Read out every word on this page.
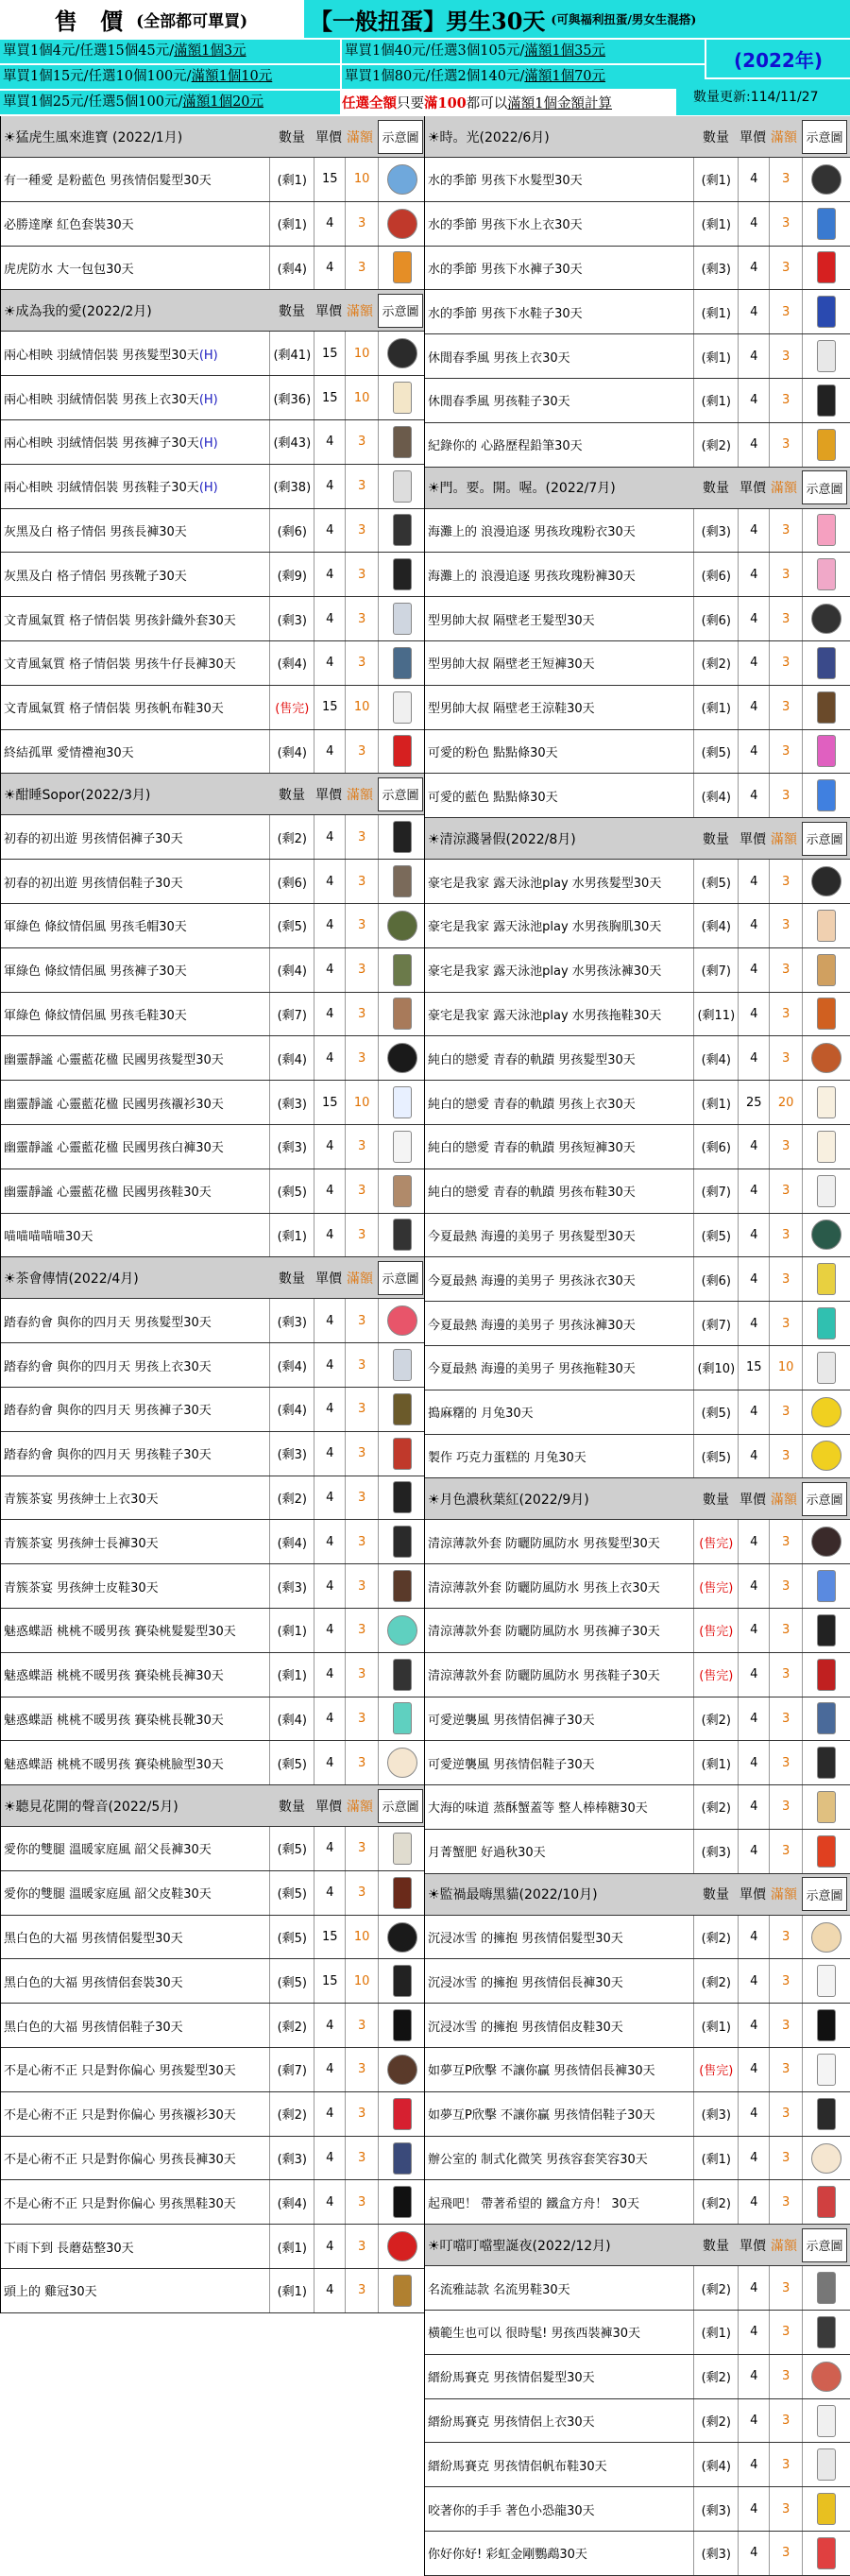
售 價 (全部都可單買)	【一般扭蛋】男生30天 (可與福利扭蛋/男女生混搭)
單買1個4元/任選15個45元/滿額1個3元
單買1個15元/任選10個100元/滿額1個10元
單買1個25元/任選5個100元/滿額1個20元
單買1個40元/任選3個105元/滿額1個35元
單買1個80元/任選2個140元/滿額1個70元
(2022年)
任選全額只要滿100都可以滿額1個金額計算	數量更新:114/11/27
☀猛虎生風來進寶 (2022/1月)	數量 單價 滿額 示意圖
有一種愛 是粉藍色 男孩情侶髮型30天	(剩1)	15	10
必勝達摩 紅色套裝30天	(剩1)	4	3
虎虎防水 大一包包30天	(剩4)	4	3
☀成為我的愛(2022/2月)	數量 單價 滿額 示意圖
兩心相映 羽絨情侶裝 男孩髮型30天(H)	(剩41) 15	10
兩心相映 羽絨情侶裝 男孩上衣30天(H)	(剩36) 15	10
兩心相映 羽絨情侶裝 男孩褲子30天(H)	(剩43)	4	3
兩心相映 羽絨情侶裝 男孩鞋子30天(H)	(剩38)	4	3
灰黑及白 格子情侶 男孩長褲30天	(剩6)	4	3
灰黑及白 格子情侶 男孩靴子30天	(剩9)	4	3
文青風氣質 格子情侶裝 男孩針織外套30天	(剩3)	4	3
文青風氣質 格子情侶裝 男孩牛仔長褲30天	(剩4)	4	3
文青風氣質 格子情侶裝 男孩帆布鞋30天	(售完)	15	10
終結孤單 愛情禮袍30天	(剩4)	4	3
☀酣睡Sopor(2022/3月)	數量 單價 滿額 示意圖
初春的初出遊 男孩情侶褲子30天	(剩2)	4	3
初春的初出遊 男孩情侶鞋子30天	(剩6)	4	3
軍綠色 條紋情侶風 男孩毛帽30天	(剩5)	4	3
軍綠色 條紋情侶風 男孩褲子30天	(剩4)	4	3
軍綠色 條紋情侶風 男孩毛鞋30天	(剩7)	4	3
幽靈靜謐 心靈藍花楹 民國男孩髮型30天	(剩4)	4	3
幽靈靜謐 心靈藍花楹 民國男孩襯衫30天	(剩3)	15	10
幽靈靜謐 心靈藍花楹 民國男孩白褲30天	(剩3)	4	3
幽靈靜謐 心靈藍花楹 民國男孩鞋30天	(剩5)	4	3
喵喵喵喵喵30天	(剩1)	4	3
☀茶會傳情(2022/4月)	數量 單價 滿額 示意圖
踏春約會 與你的四月天 男孩髮型30天	(剩3)	4	3
踏春約會 與你的四月天 男孩上衣30天	(剩4)	4	3
踏春約會 與你的四月天 男孩褲子30天	(剩4)	4	3
踏春約會 與你的四月天 男孩鞋子30天	(剩3)	4	3
青簇茶宴 男孩紳士上衣30天	(剩2)	4	3
青簇茶宴 男孩紳士長褲30天	(剩4)	4	3
青簇茶宴 男孩紳士皮鞋30天	(剩3)	4	3
魅惑蝶語 桃桃不暖男孩 賽染桃髮髮型30天	(剩1)	4	3
魅惑蝶語 桃桃不暖男孩 賽染桃長褲30天	(剩1)	4	3
魅惑蝶語 桃桃不暖男孩 賽染桃長靴30天	(剩4)	4	3
魅惑蝶語 桃桃不暖男孩 賽染桃臉型30天	(剩5)	4	3
☀聽見花開的聲音(2022/5月)	數量 單價 滿額 示意圖
愛你的雙腿 溫暖家庭風 韶父長褲30天	(剩5)	4	3
愛你的雙腿 溫暖家庭風 韶父皮鞋30天	(剩5)	4	3
黑白色的大福 男孩情侶髮型30天	(剩5)	15	10
黑白色的大福 男孩情侶套裝30天	(剩5)	15	10
黑白色的大福 男孩情侶鞋子30天	(剩2)	4	3
不是心術不正 只是對你偏心 男孩髮型30天	(剩7)	4	3
不是心術不正 只是對你偏心 男孩襯衫30天	(剩2)	4	3
不是心術不正 只是對你偏心 男孩長褲30天	(剩3)	4	3
不是心術不正 只是對你偏心 男孩黑鞋30天	(剩4)	4	3
下雨下到 長蘑菇整30天	(剩1)	4	3
頭上的 雞冠30天	(剩1)	4	3
☀時。光(2022/6月)	數量 單價 滿額 示意圖
水的季節 男孩下水髮型30天	(剩1)	4	3
水的季節 男孩下水上衣30天	(剩1)	4	3
水的季節 男孩下水褲子30天	(剩3)	4	3
水的季節 男孩下水鞋子30天	(剩1)	4	3
休閒春季風 男孩上衣30天	(剩1)	4	3
休閒春季風 男孩鞋子30天	(剩1)	4	3
紀錄你的 心路歷程鉛筆30天	(剩2)	4	3
☀門。要。開。喔。(2022/7月)	數量 單價 滿額 示意圖
海灘上的 浪漫追逐 男孩玫瑰粉衣30天	(剩3)	4	3
海灘上的 浪漫追逐 男孩玫瑰粉褲30天	(剩6)	4	3
型男帥大叔 隔壁老王髮型30天	(剩6)	4	3
型男帥大叔 隔壁老王短褲30天	(剩2)	4	3
型男帥大叔 隔壁老王涼鞋30天	(剩1)	4	3
可愛的粉色 點點條30天	(剩5)	4	3
可愛的藍色 點點條30天	(剩4)	4	3
☀清涼濺暑假(2022/8月)	數量 單價 滿額 示意圖
豪宅是我家 露天泳池play 水男孩髮型30天	(剩5)	4	3
豪宅是我家 露天泳池play 水男孩胸肌30天	(剩4)	4	3
豪宅是我家 露天泳池play 水男孩泳褲30天	(剩7)	4	3
豪宅是我家 露天泳池play 水男孩拖鞋30天	(剩11)	4	3
純白的戀愛 青春的軌蹟 男孩髮型30天	(剩4)	4	3
純白的戀愛 青春的軌蹟 男孩上衣30天	(剩1)	25	20
純白的戀愛 青春的軌蹟 男孩短褲30天	(剩6)	4	3
純白的戀愛 青春的軌蹟 男孩布鞋30天	(剩7)	4	3
今夏最熱 海邊的美男子 男孩髮型30天	(剩5)	4	3
今夏最熱 海邊的美男子 男孩泳衣30天	(剩6)	4	3
今夏最熱 海邊的美男子 男孩泳褲30天	(剩7)	4	3
今夏最熱 海邊的美男子 男孩拖鞋30天	(剩10) 15	10
搗麻糬的 月兔30天	(剩5)	4	3
製作 巧克力蛋糕的 月兔30天	(剩5)	4	3
☀月色濃秋葉紅(2022/9月)	數量 單價 滿額 示意圖
清涼薄款外套 防曬防風防水 男孩髮型30天	(售完)	4	3
清涼薄款外套 防曬防風防水 男孩上衣30天	(售完)	4	3
清涼薄款外套 防曬防風防水 男孩褲子30天	(售完)	4	3
清涼薄款外套 防曬防風防水 男孩鞋子30天	(售完)	4	3
可愛逆襲風 男孩情侶褲子30天	(剩2)	4	3
可愛逆襲風 男孩情侶鞋子30天	(剩1)	4	3
大海的味道 蒸酥蟹蓋等 整人棒棒糖30天	(剩2)	4	3
月菁蟹肥 好過秋30天	(剩3)	4	3
☀監禍最嗨黑貓(2022/10月)	數量 單價 滿額 示意圖
沉浸冰雪 的擁抱 男孩情侶髮型30天	(剩2)	4	3
沉浸冰雪 的擁抱 男孩情侶長褲30天	(剩2)	4	3
沉浸冰雪 的擁抱 男孩情侶皮鞋30天	(剩1)	4	3
如夢互P欣擊 不讓你贏 男孩情侶長褲30天	(售完)	4	3
如夢互P欣擊 不讓你贏 男孩情侶鞋子30天	(剩3)	4	3
辦公室的 制式化微笑 男孩容套笑容30天	(剩1)	4	3
起飛吧！ 帶著希望的 鐵盒方舟！ 30天	(剩2)	4	3
☀叮噹叮噹聖誕夜(2022/12月)	數量 單價 滿額 示意圖
名流雅誌款 名流男鞋30天	(剩2)	4	3
橫範生也可以 很時髦! 男孩西裝褲30天	(剩1)	4	3
縉紛馬賽克 男孩情侶髮型30天	(剩2)	4	3
縉紛馬賽克 男孩情侶上衣30天	(剩2)	4	3
縉紛馬賽克 男孩情侶帆布鞋30天	(剩4)	4	3
咬著你的手手 著色小恐龍30天	(剩3)	4	3
你好你好! 彩虹金剛鸚鵡30天	(剩3)	4	3
